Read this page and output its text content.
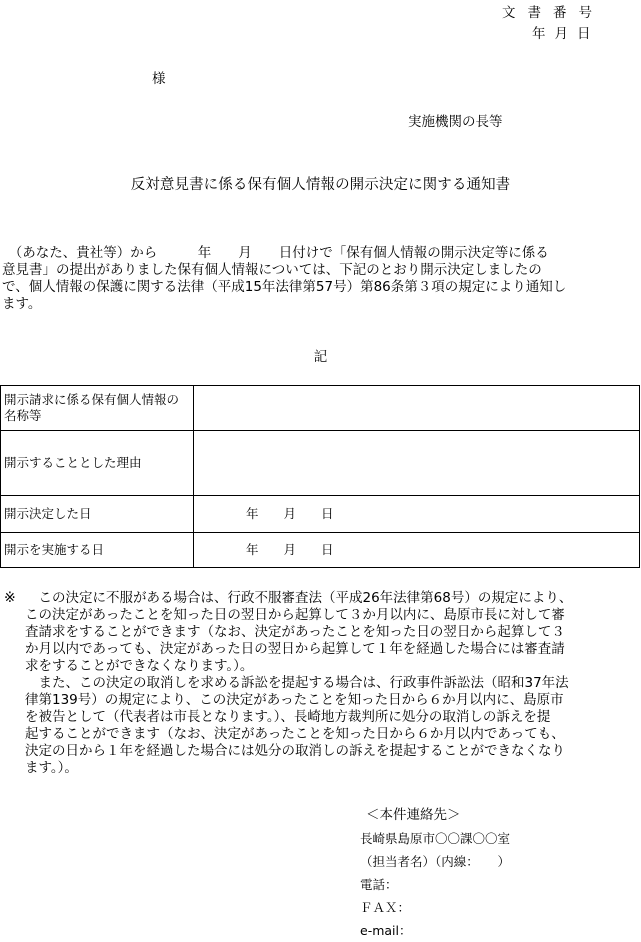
文書番号
年月日
様
実施機関の長等
反対意見書に係る保有個人情報の開示決定に関する通知書

　（あなた、貴社等）から　　　年　　月　　日付けで「保有個人情報の開示決定等に係る

意見書」の提出がありました保有個人情報については、下記のとおり開示決定しましたの

で、個人情報の保護に関する法律（平成15年法律第57号）第86条第３項の規定により通知し

ます。

記
開示請求に係る保有個人情報の名称等	
開示することとした理由	
開示決定した日	年　　月　　日
開示を実施する日	年　　月　　日
※ 　この決定に不服がある場合は、行政不服審査法（平成26年法律第68号）の規定により、

この決定があったことを知った日の翌日から起算して３か月以内に、島原市長に対して審

査請求をすることができます（なお、決定があったことを知った日の翌日から起算して３

か月以内であっても、決定があった日の翌日から起算して１年を経過した場合には審査請

求をすることができなくなります。）。

　また、この決定の取消しを求める訴訟を提起する場合は、行政事件訴訟法（昭和37年法

律第139号）の規定により、この決定があったことを知った日から６か月以内に、島原市

を被告として（代表者は市長となります。）、長崎地方裁判所に処分の取消しの訴えを提

起することができます（なお、決定があったことを知った日から６か月以内であっても、

決定の日から１年を経過した場合には処分の取消しの訴えを提起することができなくなり

ます。）。

＜本件連絡先＞
長崎県島原市〇〇課〇〇室
（担当者名）（内線：　　）
電話：
ＦＡＸ：
e-mail：
